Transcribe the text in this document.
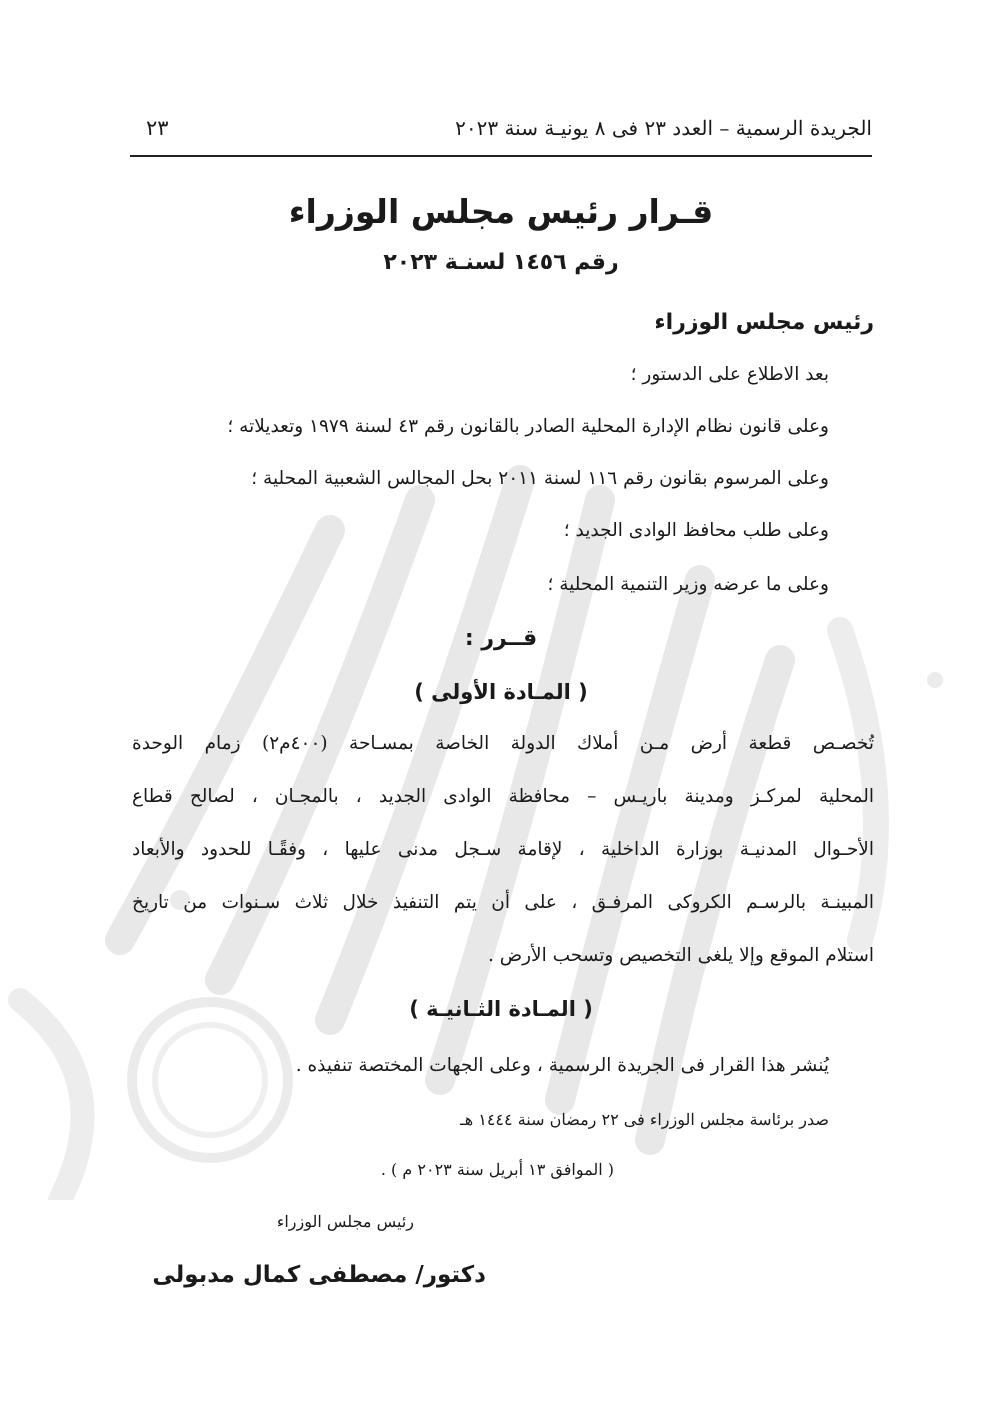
الجريدة الرسمية – العدد ٢٣ فى ٨ يونيـة سنة ٢٠٢٣
٢٣
قـرار رئيس مجلس الوزراء
رقم ١٤٥٦ لسنـة ٢٠٢٣
رئيس مجلس الوزراء
بعد الاطلاع على الدستور ؛
وعلى قانون نظام الإدارة المحلية الصادر بالقانون رقم ٤٣ لسنة ١٩٧٩ وتعديلاته ؛
وعلى المرسوم بقانون رقم ١١٦ لسنة ٢٠١١ بحل المجالس الشعبية المحلية ؛
وعلى طلب محافظ الوادى الجديد ؛
وعلى ما عرضه وزير التنمية المحلية ؛
قــرر :
( المـادة الأولى )
تُخصـص قطعة أرض مـن أملاك الدولة الخاصة بمسـاحة (٤٠٠م٢) زمام الوحدة
المحلية لمركـز ومدينة باريـس – محافظة الوادى الجديد ، بالمجـان ، لصالح قطاع
الأحـوال المدنيـة بوزارة الداخلية ، لإقامة سـجل مدنى عليها ، وفقًـا للحدود والأبعاد
المبينـة بالرسـم الكروكى المرفـق ، على أن يتم التنفيذ خلال ثلاث سـنوات من تاريخ
استلام الموقع وإلا يلغى التخصيص وتسحب الأرض .
( المـادة الثـانيـة )
يُنشر هذا القرار فى الجريدة الرسمية ، وعلى الجهات المختصة تنفيذه .
صدر برئاسة مجلس الوزراء فى ٢٢ رمضان سنة ١٤٤٤ هـ
( الموافق ١٣ أبريل سنة ٢٠٢٣ م ) .
رئيس مجلس الوزراء
دكتور/ مصطفى كمال مدبولى
